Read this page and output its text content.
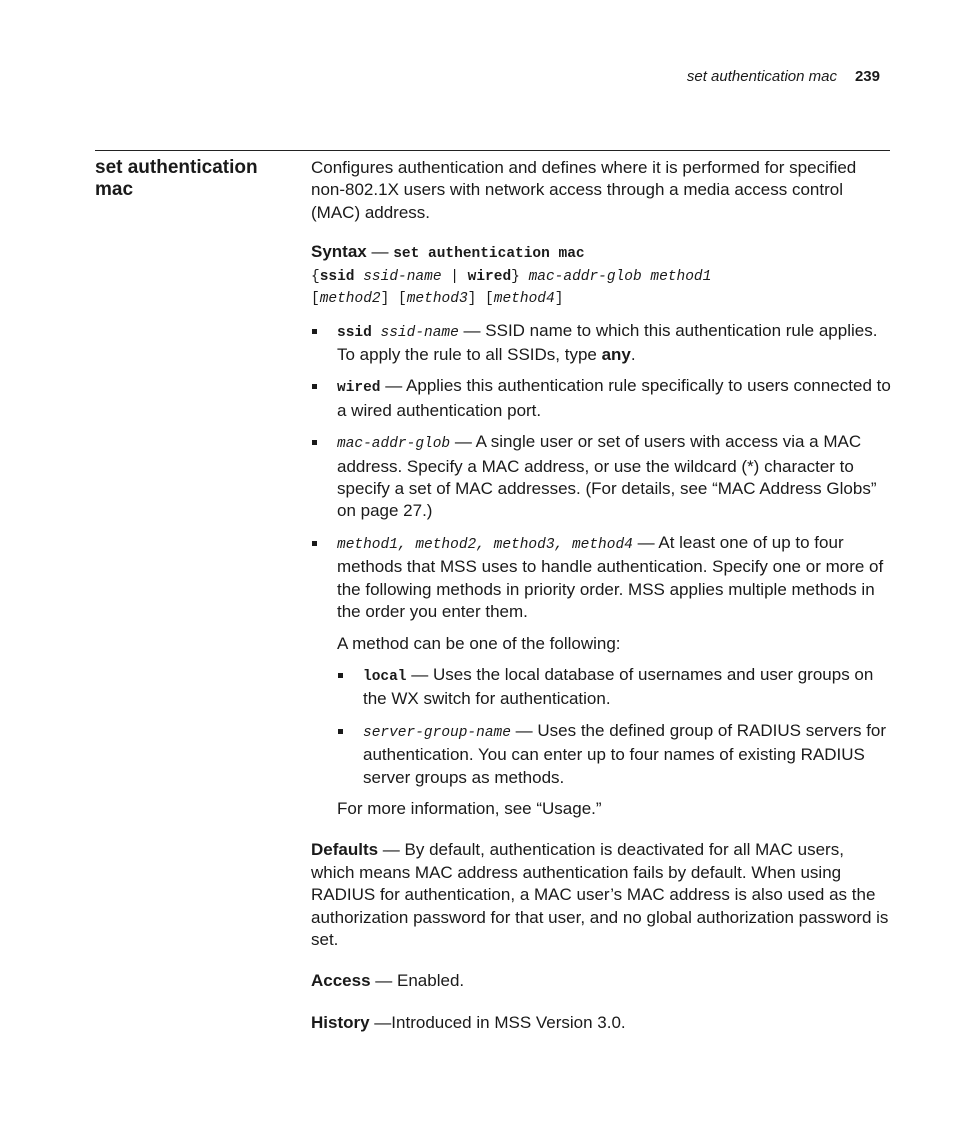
set authentication mac 239
set authentication mac

Configures authentication and defines where it is performed for specified non-802.1X users with network access through a media access control (MAC) address.

Syntax — set authentication mac

{ssid ssid-name | wired} mac-addr-glob method1

[method2] [method3] [method4]

ssid ssid-name — SSID name to which this authentication rule applies. To apply the rule to all SSIDs, type any.
wired — Applies this authentication rule specifically to users connected to a wired authentication port.
mac-addr-glob — A single user or set of users with access via a MAC address. Specify a MAC address, or use the wildcard (*) character to specify a set of MAC addresses. (For details, see “MAC Address Globs” on page 27.)
method1, method2, method3, method4 — At least one of up to four methods that MSS uses to handle authentication. Specify one or more of the following methods in priority order. MSS applies multiple methods in the order you enter them.

A method can be one of the following:

local — Uses the local database of usernames and user groups on the WX switch for authentication.
server-group-name — Uses the defined group of RADIUS servers for authentication. You can enter up to four names of existing RADIUS server groups as methods.

For more information, see “Usage.”

Defaults — By default, authentication is deactivated for all MAC users, which means MAC address authentication fails by default. When using RADIUS for authentication, a MAC user’s MAC address is also used as the authorization password for that user, and no global authorization password is set.

Access — Enabled.

History —Introduced in MSS Version 3.0.
